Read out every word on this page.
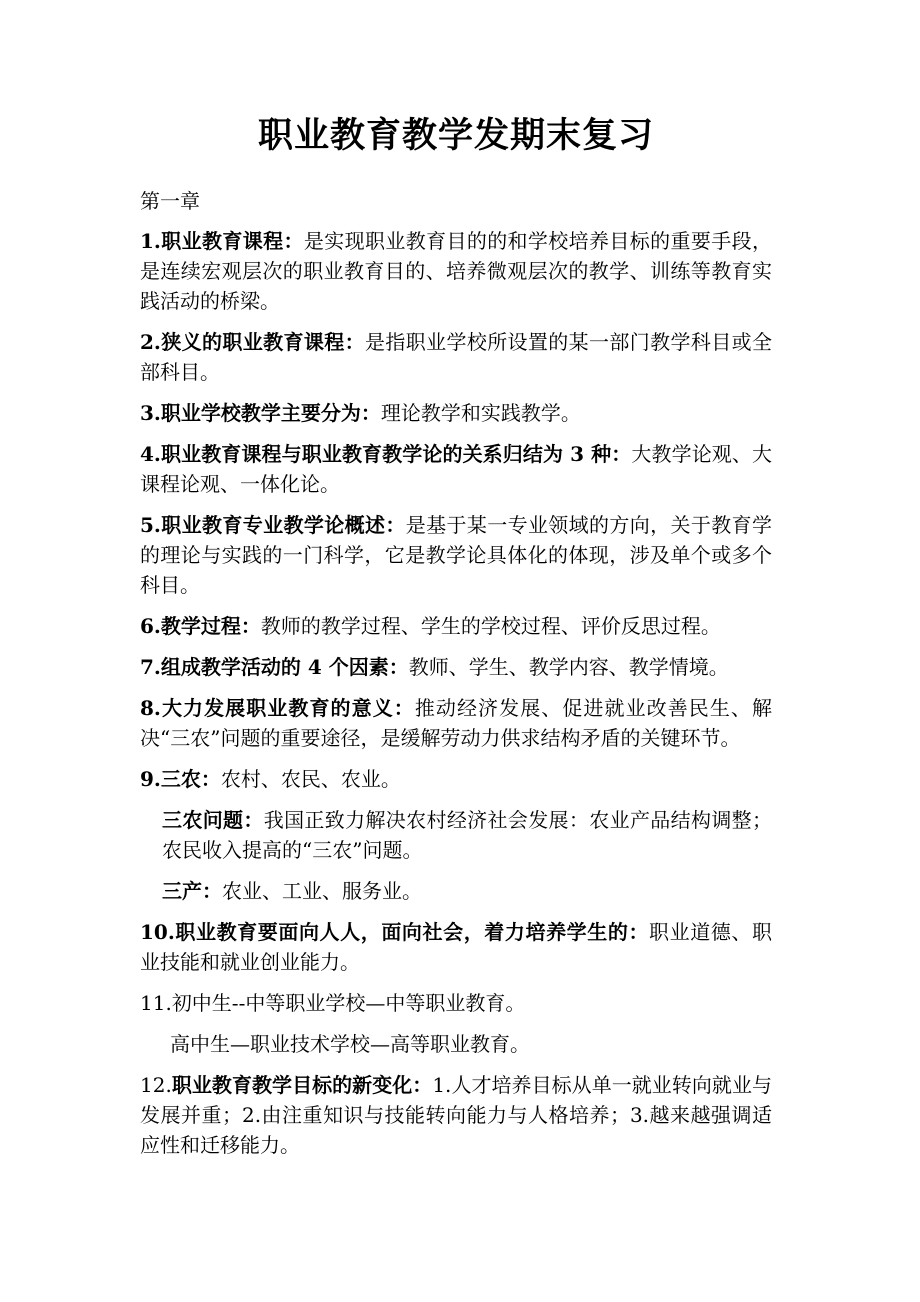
职业教育教学发期末复习
第一章
1.职业教育课程：是实现职业教育目的的和学校培养目标的重要手段，是连续宏观层次的职业教育目的、培养微观层次的教学、训练等教育实践活动的桥梁。
2.狭义的职业教育课程：是指职业学校所设置的某一部门教学科目或全部科目。
3.职业学校教学主要分为：理论教学和实践教学。
4.职业教育课程与职业教育教学论的关系归结为 3 种：大教学论观、大课程论观、一体化论。
5.职业教育专业教学论概述：是基于某一专业领域的方向，关于教育学的理论与实践的一门科学，它是教学论具体化的体现，涉及单个或多个科目。
6.教学过程：教师的教学过程、学生的学校过程、评价反思过程。
7.组成教学活动的 4 个因素：教师、学生、教学内容、教学情境。
8.大力发展职业教育的意义：推动经济发展、促进就业改善民生、解决“三农”问题的重要途径，是缓解劳动力供求结构矛盾的关键环节。
9.三农：农村、农民、农业。
三农问题：我国正致力解决农村经济社会发展：农业产品结构调整；农民收入提高的“三农”问题。
三产：农业、工业、服务业。
10.职业教育要面向人人，面向社会，着力培养学生的：职业道德、职业技能和就业创业能力。
11.初中生--中等职业学校—中等职业教育。
高中生—职业技术学校—高等职业教育。
12.职业教育教学目标的新变化：1.人才培养目标从单一就业转向就业与发展并重；2.由注重知识与技能转向能力与人格培养；3.越来越强调适应性和迁移能力。
